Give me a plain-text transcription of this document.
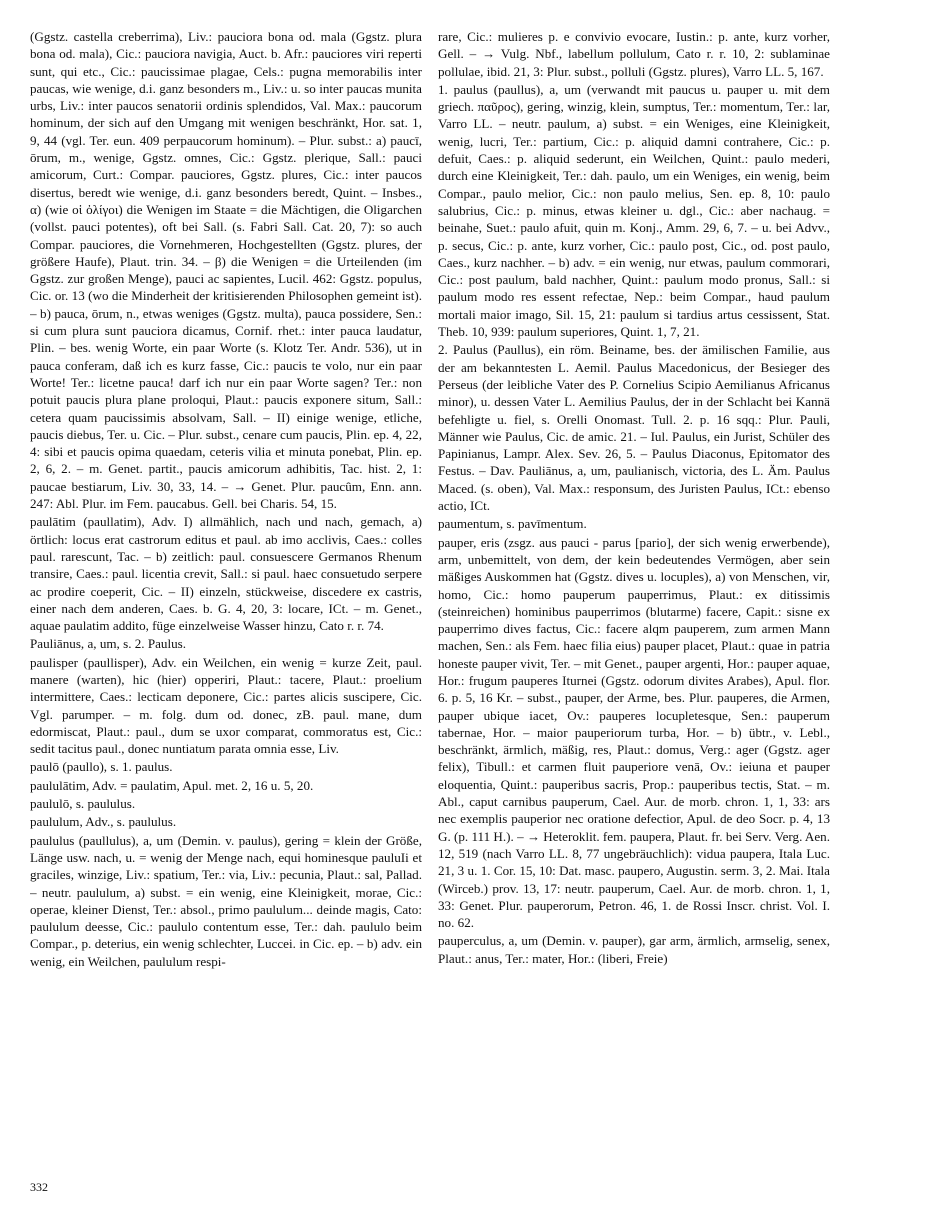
(Ggstz. castella creberrima), Liv.: pauciora bona od. mala (Ggstz. plura bona od. mala), Cic.: pauciora navigia, Auct. b. Afr.: pauciores viri reperti sunt, qui etc., Cic.: paucissimae plagae, Cels.: pugna memorabilis inter paucas, wie wenige, d.i. ganz besonders m., Liv.: u. so inter paucas munita urbs, Liv.: inter paucos senatorii ordinis splendidos, Val. Max.: paucorum hominum, der sich auf den Umgang mit wenigen beschränkt, Hor. sat. 1, 9, 44 (vgl. Ter. eun. 409 perpaucorum hominum). – Plur. subst.: a) paucī, ōrum, m., wenige, Ggstz. omnes, Cic.: Ggstz. plerique, Sall.: pauci amicorum, Curt.: Compar. pauciores, Ggstz. plures, Cic.: inter paucos disertus, beredt wie wenige, d.i. ganz besonders beredt, Quint. – Insbes., α) (wie οἱ ὀλίγοι) die Wenigen im Staate = die Mächtigen, die Oligarchen (vollst. pauci potentes), oft bei Sall. (s. Fabri Sall. Cat. 20, 7): so auch Compar. pauciores, die Vornehmeren, Hochgestellten (Ggstz. plures, der größere Haufe), Plaut. trin. 34. – β) die Wenigen = die Urteilenden (im Ggstz. zur großen Menge), pauci ac sapientes, Lucil. 462: Ggstz. populus, Cic. or. 13 (wo die Minderheit der kritisierenden Philosophen gemeint ist). – b) pauca, ōrum, n., etwas weniges (Ggstz. multa), pauca possidere, Sen.: si cum plura sunt pauciora dicamus, Cornif. rhet.: inter pauca laudatur, Plin. – bes. wenig Worte, ein paar Worte (s. Klotz Ter. Andr. 536), ut in pauca conferam, daß ich es kurz fasse, Cic.: paucis te volo, nur ein paar Worte! Ter.: licetne pauca! darf ich nur ein paar Worte sagen? Ter.: non potuit paucis plura plane proloqui, Plaut.: paucis exponere situm, Sall.: cetera quam paucissimis absolvam, Sall. – II) einige wenige, etliche, paucis diebus, Ter. u. Cic. – Plur. subst., cenare cum paucis, Plin. ep. 4, 22, 4: sibi et paucis opima quaedam, ceteris vilia et minuta ponebat, Plin. ep. 2, 6, 2. – m. Genet. partit., paucis amicorum adhibitis, Tac. hist. 2, 1: paucae bestiarum, Liv. 30, 33, 14. – → Genet. Plur. paucûm, Enn. ann. 247: Abl. Plur. im Fem. paucabus. Gell. bei Charis. 54, 15.

paulātim (paullatim), Adv. I) allmählich, nach und nach, gemach, a) örtlich: locus erat castrorum editus et paul. ab imo acclivis, Caes.: colles paul. rarescunt, Tac. – b) zeitlich: paul. consuescere Germanos Rhenum transire, Caes.: paul. licentia crevit, Sall.: si paul. haec consuetudo serpere ac prodire coeperit, Cic. – II) einzeln, stückweise, discedere ex castris, einer nach dem anderen, Caes. b. G. 4, 20, 3: locare, ICt. – m. Genet., aquae paulatim addito, füge einzelweise Wasser hinzu, Cato r. r. 74.

Pauliānus, a, um, s. 2. Paulus.

paulisper (paullisper), Adv. ein Weilchen, ein wenig = kurze Zeit, paul. manere (warten), hic (hier) opperiri, Plaut.: tacere, Plaut.: proelium intermittere, Caes.: lecticam deponere, Cic.: partes alicis suscipere, Cic. Vgl. parumper. – m. folg. dum od. donec, zB. paul. mane, dum edormiscat, Plaut.: paul., dum se uxor comparat, commoratus est, Cic.: sedit tacitus paul., donec nuntiatum parata omnia esse, Liv.

paulō (paullo), s. 1. paulus.

paululātim, Adv. = paulatim, Apul. met. 2, 16 u. 5, 20.

paululō, s. paululus.

paululum, Adv., s. paululus.

paululus (paullulus), a, um (Demin. v. paulus), gering = klein der Größe, Länge usw. nach, u. = wenig der Menge nach, equi hominesque pauluIi et graciles, winzige, Liv.: spatium, Ter.: via, Liv.: pecunia, Plaut.: sal, Pallad. – neutr. paululum, a) subst. = ein wenig, eine Kleinigkeit, morae, Cic.: operae, kleiner Dienst, Ter.: absol., primo paululum... deinde magis, Cato: paululum deesse, Cic.: paululo contentum esse, Ter.: dah. paululo beim Compar., p. deterius, ein wenig schlechter, Luccei. in Cic. ep. – b) adv. ein wenig, ein Weilchen, paululum respi-

rare, Cic.: mulieres p. e convivio evocare, Iustin.: p. ante, kurz vorher, Gell. – → Vulg. Nbf., labellum pollulum, Cato r. r. 10, 2: sublaminae pollulae, ibid. 21, 3: Plur. subst., polluli (Ggstz. plures), Varro LL. 5, 167.

1. paulus (paullus), a, um (verwandt mit paucus u. pauper u. mit dem griech. παῦρος), gering, winzig, klein, sumptus, Ter.: momentum, Ter.: lar, Varro LL. – neutr. paulum, a) subst. = ein Weniges, eine Kleinigkeit, wenig, lucri, Ter.: partium, Cic.: p. aliquid damni contrahere, Cic.: p. defuit, Caes.: p. aliquid sederunt, ein Weilchen, Quint.: paulo mederi, durch eine Kleinigkeit, Ter.: dah. paulo, um ein Weniges, ein wenig, beim Compar., paulo melior, Cic.: non paulo melius, Sen. ep. 8, 10: paulo salubrius, Cic.: p. minus, etwas kleiner u. dgl., Cic.: aber nachaug. = beinahe, Suet.: paulo afuit, quin m. Konj., Amm. 29, 6, 7. – u. bei Advv., p. secus, Cic.: p. ante, kurz vorher, Cic.: paulo post, Cic., od. post paulo, Caes., kurz nachher. – b) adv. = ein wenig, nur etwas, paulum commorari, Cic.: post paulum, bald nachher, Quint.: paulum modo pronus, Sall.: si paulum modo res essent refectae, Nep.: beim Compar., haud paulum mortali maior imago, Sil. 15, 21: paulum si tardius artus cessissent, Stat. Theb. 10, 939: paulum superiores, Quint. 1, 7, 21.

2. Paulus (Paullus), ein röm. Beiname, bes. der ämilischen Familie, aus der am bekanntesten L. Aemil. Paulus Macedonicus, der Besieger des Perseus (der leibliche Vater des P. Cornelius Scipio Aemilianus Africanus minor), u. dessen Vater L. Aemilius Paulus, der in der Schlacht bei Kannä befehligte u. fiel, s. Orelli Onomast. Tull. 2. p. 16 sqq.: Plur. Pauli, Männer wie Paulus, Cic. de amic. 21. – Iul. Paulus, ein Jurist, Schüler des Papinianus, Lampr. Alex. Sev. 26, 5. – Paulus Diaconus, Epitomator des Festus. – Dav. Pauliānus, a, um, paulianisch, victoria, des L. Äm. Paulus Maced. (s. oben), Val. Max.: responsum, des Juristen Paulus, ICt.: ebenso actio, ICt.

paumentum, s. pavīmentum.

pauper, eris (zsgz. aus pauci - parus [pario], der sich wenig erwerbende), arm, unbemittelt, von dem, der kein bedeutendes Vermögen, aber sein mäßiges Auskommen hat (Ggstz. dives u. locuples), a) von Menschen, vir, homo, Cic.: homo pauperum pauperrimus, Plaut.: ex ditissimis (steinreichen) hominibus pauperrimos (blutarme) facere, Capit.: sisne ex pauperrimo dives factus, Cic.: facere alqm pauperem, zum armen Mann machen, Sen.: als Fem. haec filia eius) pauper placet, Plaut.: quae in patria honeste pauper vivit, Ter. – mit Genet., pauper argenti, Hor.: pauper aquae, Hor.: frugum pauperes Iturnei (Ggstz. odorum divites Arabes), Apul. flor. 6. p. 5, 16 Kr. – subst., pauper, der Arme, bes. Plur. pauperes, die Armen, pauper ubique iacet, Ov.: pauperes locupletesque, Sen.: pauperum tabernae, Hor. – maior pauperiorum turba, Hor. – b) übtr., v. Lebl., beschränkt, ärmlich, mäßig, res, Plaut.: domus, Verg.: ager (Ggstz. ager felix), Tibull.: et carmen fluit pauperiore venā, Ov.: ieiuna et pauper eloquentia, Quint.: pauperibus sacris, Prop.: pauperibus tectis, Stat. – m. Abl., caput carnibus pauperum, Cael. Aur. de morb. chron. 1, 1, 33: ars nec exemplis pauperior nec oratione defectior, Apul. de deo Socr. p. 4, 13 G. (p. 111 H.). – → Heteroklit. fem. paupera, Plaut. fr. bei Serv. Verg. Aen. 12, 519 (nach Varro LL. 8, 77 ungebräuchlich): vidua paupera, Itala Luc. 21, 3 u. 1. Cor. 15, 10: Dat. masc. paupero, Augustin. serm. 3, 2. Mai. Itala (Wirceb.) prov. 13, 17: neutr. pauperum, Cael. Aur. de morb. chron. 1, 1, 33: Genet. Plur. pauperorum, Petron. 46, 1. de Rossi Inscr. christ. Vol. I. no. 62.

pauperculus, a, um (Demin. v. pauper), gar arm, ärmlich, armselig, senex, Plaut.: anus, Ter.: mater, Hor.: (liberi, Freie)

332
